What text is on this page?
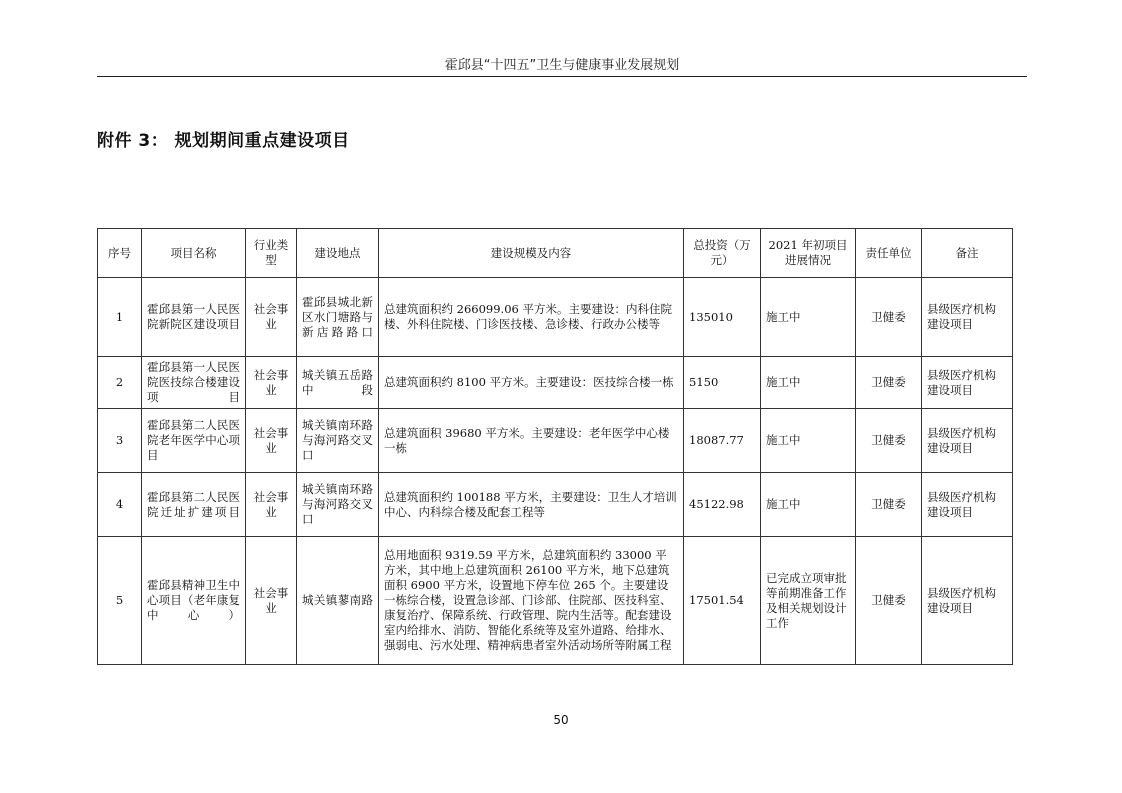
霍邱县“十四五”卫生与健康事业发展规划
附件 3： 规划期间重点建设项目
序号	项目名称	行业类型	建设地点	建设规模及内容	总投资（万元）	2021 年初项目进展情况	责任单位	备注
1	霍邱县第一人民医院新院区建设项目	社会事业	霍邱县城北新区水门塘路与新店路路口	总建筑面积约 266099.06 平方米。主要建设：内科住院楼、外科住院楼、门诊医技楼、急诊楼、行政办公楼等	135010	施工中	卫健委	县级医疗机构建设项目
2	霍邱县第一人民医院医技综合楼建设项目	社会事业	城关镇五岳路中段	总建筑面积约 8100 平方米。主要建设：医技综合楼一栋	5150	施工中	卫健委	县级医疗机构建设项目
3	霍邱县第二人民医院老年医学中心项目	社会事业	城关镇南环路与海河路交叉口	总建筑面积 39680 平方米。主要建设：老年医学中心楼一栋	18087.77	施工中	卫健委	县级医疗机构建设项目
4	霍邱县第二人民医院迁址扩建项目	社会事业	城关镇南环路与海河路交叉口	总建筑面积约 100188 平方米，主要建设：卫生人才培训中心、内科综合楼及配套工程等	45122.98	施工中	卫健委	县级医疗机构建设项目
5	霍邱县精神卫生中心项目（老年康复中心）	社会事业	城关镇蓼南路	总用地面积 9319.59 平方米，总建筑面积约 33000 平方米，其中地上总建筑面积 26100 平方米，地下总建筑面积 6900 平方米，设置地下停车位 265 个。主要建设一栋综合楼，设置急诊部、门诊部、住院部、医技科室、康复治疗、保障系统、行政管理、院内生活等。配套建设室内给排水、消防、智能化系统等及室外道路、给排水、强弱电、污水处理、精神病患者室外活动场所等附属工程	17501.54	已完成立项审批等前期准备工作及相关规划设计工作	卫健委	县级医疗机构建设项目
50
